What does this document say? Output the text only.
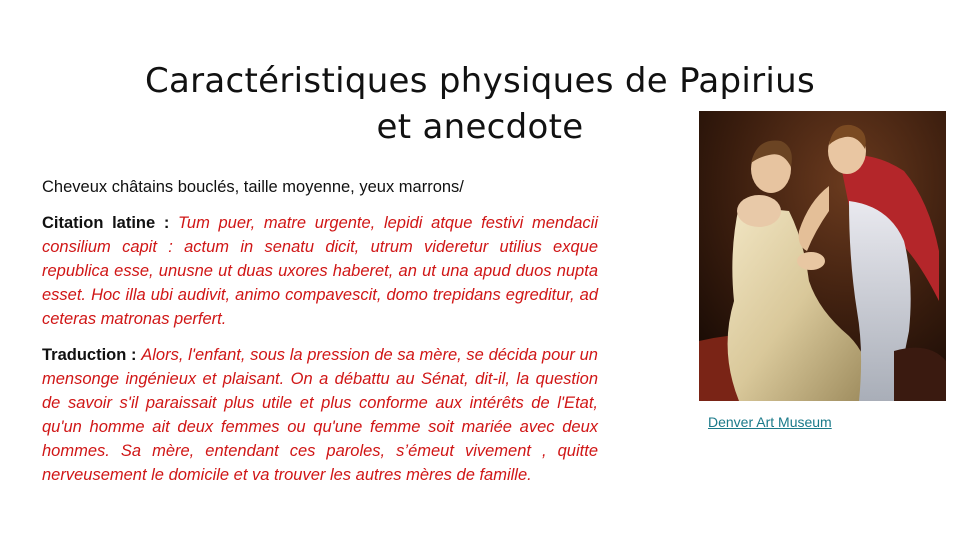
Caractéristiques physiques de Papirius
et anecdote

Cheveux châtains bouclés, taille moyenne, yeux marrons/

Citation latine : Tum puer, matre urgente, lepidi atque festivi mendacii consilium capit : actum in senatu dicit, utrum videretur utilius exque republica esse, unusne ut duas uxores haberet, an ut una apud duos nupta esset. Hoc illa ubi audivit, animo compavescit, domo trepidans egreditur, ad ceteras matronas perfert.

Traduction : Alors, l'enfant, sous la pression de sa mère, se décida pour un mensonge ingénieux et plaisant. On a débattu au Sénat, dit-il, la question de savoir s'il paraissait plus utile et plus conforme aux intérêts de l'Etat, qu'un homme ait deux femmes ou qu'une femme soit mariée avec deux hommes. Sa mère, entendant ces paroles, s’émeut vivement , quitte nerveusement le domicile et va trouver les autres mères de famille.

Denver Art Museum
